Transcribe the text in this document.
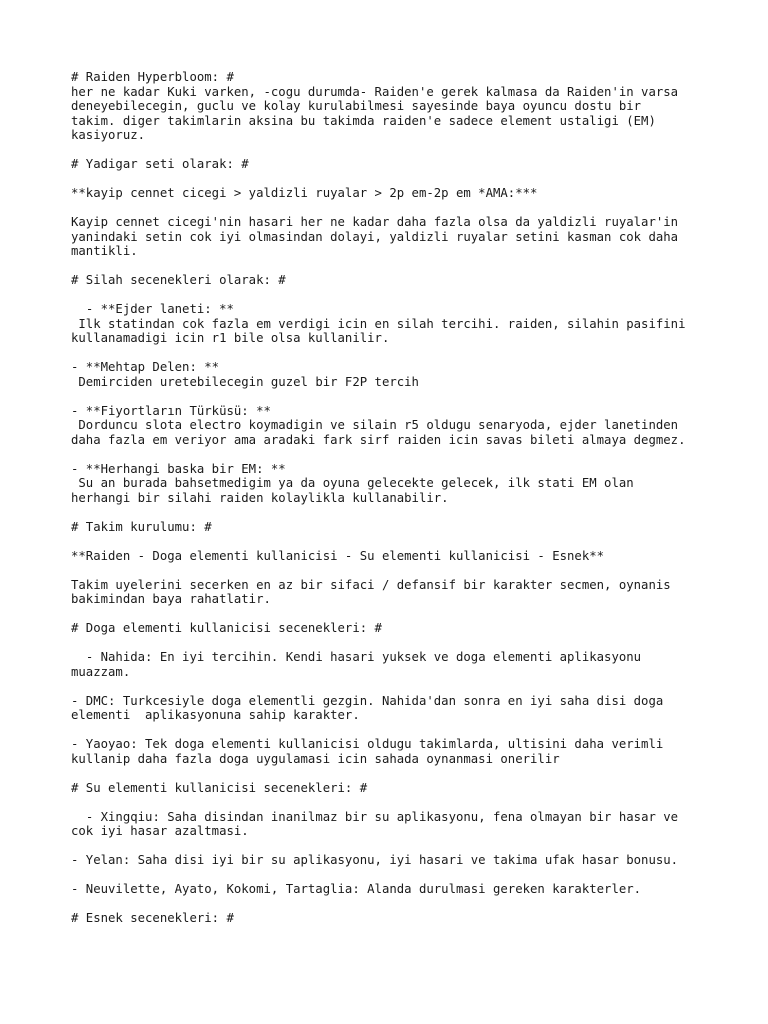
# Raiden Hyperbloom: #
her ne kadar Kuki varken, -cogu durumda- Raiden'e gerek kalmasa da Raiden'in varsa
deneyebilecegin, guclu ve kolay kurulabilmesi sayesinde baya oyuncu dostu bir
takim. diger takimlarin aksina bu takimda raiden'e sadece element ustaligi (EM)
kasiyoruz.

# Yadigar seti olarak: #

**kayip cennet cicegi > yaldizli ruyalar > 2p em-2p em *AMA:***

Kayip cennet cicegi'nin hasari her ne kadar daha fazla olsa da yaldizli ruyalar'in
yanindaki setin cok iyi olmasindan dolayi, yaldizli ruyalar setini kasman cok daha
mantikli.

# Silah secenekleri olarak: #

- **Ejder laneti: **
Ilk statindan cok fazla em verdigi icin en silah tercihi. raiden, silahin pasifini
kullanamadigi icin r1 bile olsa kullanilir.

- **Mehtap Delen: **
Demirciden uretebilecegin guzel bir F2P tercih

- **Fiyortların Türküsü: **
Dorduncu slota electro koymadigin ve silain r5 oldugu senaryoda, ejder lanetinden
daha fazla em veriyor ama aradaki fark sirf raiden icin savas bileti almaya degmez.

- **Herhangi baska bir EM: **
Su an burada bahsetmedigim ya da oyuna gelecekte gelecek, ilk stati EM olan
herhangi bir silahi raiden kolaylikla kullanabilir.

# Takim kurulumu: #

**Raiden - Doga elementi kullanicisi - Su elementi kullanicisi - Esnek**

Takim uyelerini secerken en az bir sifaci / defansif bir karakter secmen, oynanis
bakimindan baya rahatlatir.

# Doga elementi kullanicisi secenekleri: #

- Nahida: En iyi tercihin. Kendi hasari yuksek ve doga elementi aplikasyonu
muazzam.

- DMC: Turkcesiyle doga elementli gezgin. Nahida'dan sonra en iyi saha disi doga
elementi  aplikasyonuna sahip karakter.

- Yaoyao: Tek doga elementi kullanicisi oldugu takimlarda, ultisini daha verimli
kullanip daha fazla doga uygulamasi icin sahada oynanmasi onerilir

# Su elementi kullanicisi secenekleri: #

- Xingqiu: Saha disindan inanilmaz bir su aplikasyonu, fena olmayan bir hasar ve
cok iyi hasar azaltmasi.

- Yelan: Saha disi iyi bir su aplikasyonu, iyi hasari ve takima ufak hasar bonusu.

- Neuvilette, Ayato, Kokomi, Tartaglia: Alanda durulmasi gereken karakterler.

# Esnek secenekleri: #
